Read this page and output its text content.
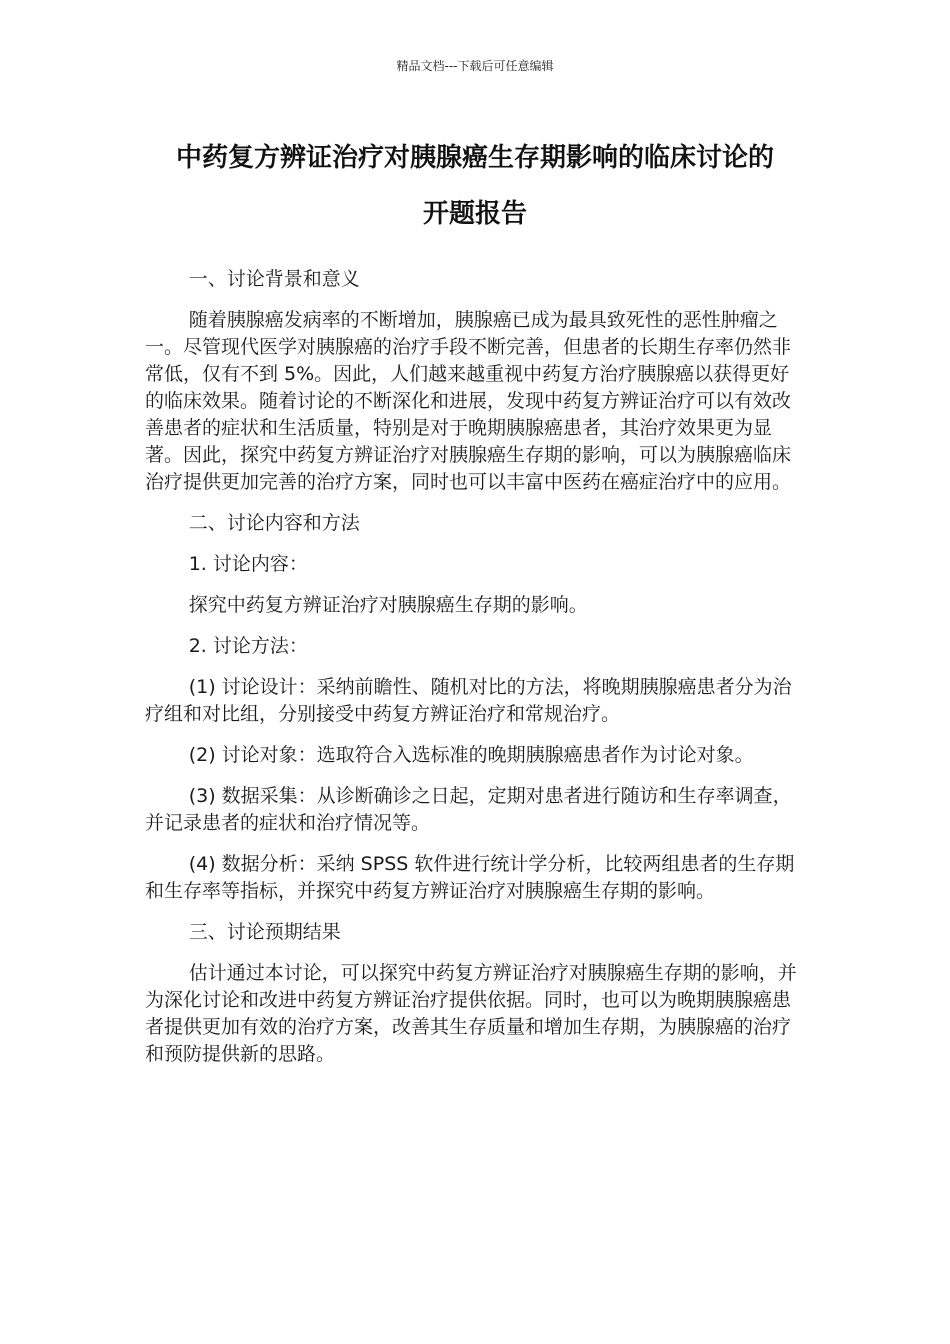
精品文档---下载后可任意编辑
中药复方辨证治疗对胰腺癌生存期影响的临床讨论的
开题报告

一、讨论背景和意义

随着胰腺癌发病率的不断增加，胰腺癌已成为最具致死性的恶性肿瘤之一。尽管现代医学对胰腺癌的治疗手段不断完善，但患者的长期生存率仍然非常低，仅有不到 5%。因此，人们越来越重视中药复方治疗胰腺癌以获得更好的临床效果。随着讨论的不断深化和进展，发现中药复方辨证治疗可以有效改善患者的症状和生活质量，特别是对于晚期胰腺癌患者，其治疗效果更为显著。因此，探究中药复方辨证治疗对胰腺癌生存期的影响，可以为胰腺癌临床治疗提供更加完善的治疗方案，同时也可以丰富中医药在癌症治疗中的应用。

二、讨论内容和方法

1. 讨论内容：

探究中药复方辨证治疗对胰腺癌生存期的影响。

2. 讨论方法：

(1) 讨论设计：采纳前瞻性、随机对比的方法，将晚期胰腺癌患者分为治疗组和对比组，分别接受中药复方辨证治疗和常规治疗。

(2) 讨论对象：选取符合入选标准的晚期胰腺癌患者作为讨论对象。

(3) 数据采集：从诊断确诊之日起，定期对患者进行随访和生存率调查，并记录患者的症状和治疗情况等。

(4) 数据分析：采纳 SPSS 软件进行统计学分析，比较两组患者的生存期和生存率等指标，并探究中药复方辨证治疗对胰腺癌生存期的影响。

三、讨论预期结果

估计通过本讨论，可以探究中药复方辨证治疗对胰腺癌生存期的影响，并为深化讨论和改进中药复方辨证治疗提供依据。同时，也可以为晚期胰腺癌患者提供更加有效的治疗方案，改善其生存质量和增加生存期，为胰腺癌的治疗和预防提供新的思路。
